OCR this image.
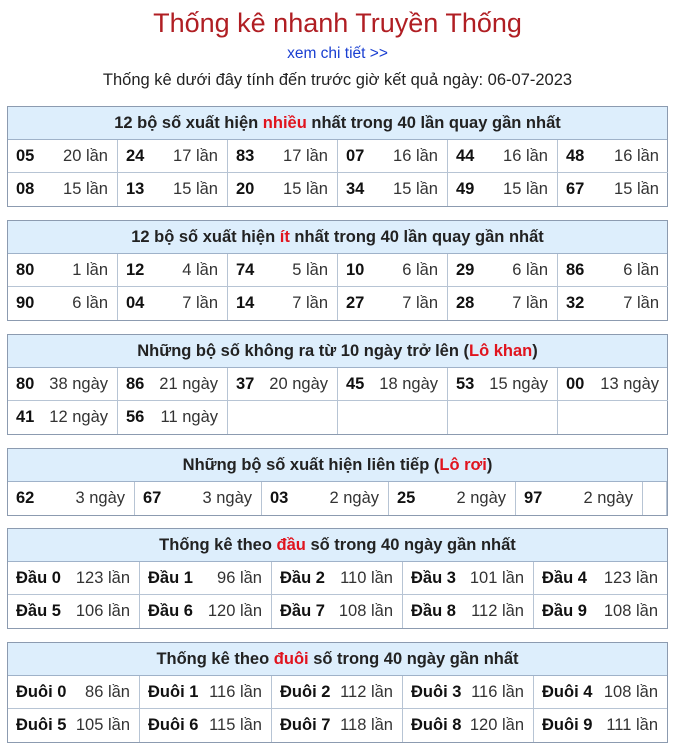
Thống kê nhanh Truyền Thống
xem chi tiết >>
Thống kê dưới đây tính đến trước giờ kết quả ngày: 06-07-2023
12 bộ số xuất hiện nhiều nhất trong 40 lần quay gần nhất
05 20 lần 24 17 lần 83 17 lần 07 16 lần 44 16 lần 48 16 lần
08 15 lần 13 15 lần 20 15 lần 34 15 lần 49 15 lần 67 15 lần
12 bộ số xuất hiện ít nhất trong 40 lần quay gần nhất
80 1 lần 12 4 lần 74 5 lần 10 6 lần 29 6 lần 86 6 lần
90 6 lần 04 7 lần 14 7 lần 27 7 lần 28 7 lần 32 7 lần
Những bộ số không ra từ 10 ngày trở lên (Lô khan)
80 38 ngày 86 21 ngày 37 20 ngày 45 18 ngày 53 15 ngày 00 13 ngày
41 12 ngày 56 11 ngày
Những bộ số xuất hiện liên tiếp (Lô rơi)
62 3 ngày 67 3 ngày 03 2 ngày 25 2 ngày 97 2 ngày
Thống kê theo đầu số trong 40 ngày gần nhất
Đầu 0 123 lần Đầu 1 96 lần Đầu 2 110 lần Đầu 3 101 lần Đầu 4 123 lần
Đầu 5 106 lần Đầu 6 120 lần Đầu 7 108 lần Đầu 8 112 lần Đầu 9 108 lần
Thống kê theo đuôi số trong 40 ngày gần nhất
Đuôi 0 86 lần Đuôi 1 116 lần Đuôi 2 112 lần Đuôi 3 116 lần Đuôi 4 108 lần
Đuôi 5 105 lần Đuôi 6 115 lần Đuôi 7 118 lần Đuôi 8 120 lần Đuôi 9 111 lần
